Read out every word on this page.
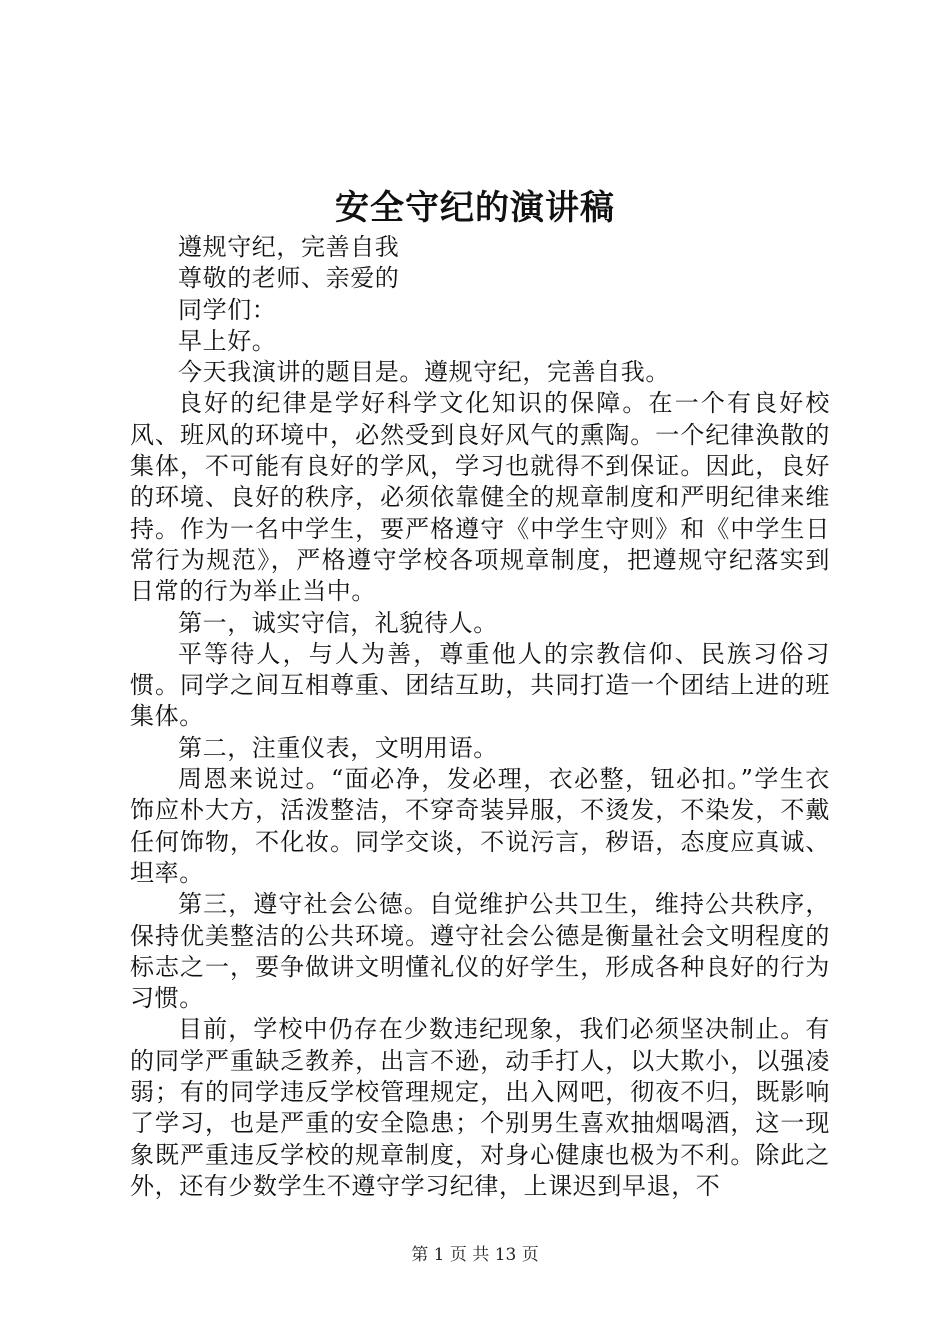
安全守纪的演讲稿

遵规守纪，完善自我

尊敬的老师、亲爱的

同学们：

早上好。

今天我演讲的题目是。遵规守纪，完善自我。

良好的纪律是学好科学文化知识的保障。在一个有良好校风、班风的环境中，必然受到良好风气的熏陶。一个纪律涣散的集体，不可能有良好的学风，学习也就得不到保证。因此，良好的环境、良好的秩序，必须依靠健全的规章制度和严明纪律来维持。作为一名中学生，要严格遵守《中学生守则》和《中学生日常行为规范》，严格遵守学校各项规章制度，把遵规守纪落实到日常的行为举止当中。

第一，诚实守信，礼貌待人。

平等待人，与人为善，尊重他人的宗教信仰、民族习俗习惯。同学之间互相尊重、团结互助，共同打造一个团结上进的班集体。

第二，注重仪表，文明用语。

周恩来说过。“面必净，发必理，衣必整，钮必扣。”学生衣饰应朴大方，活泼整洁，不穿奇装异服，不烫发，不染发，不戴任何饰物，不化妆。同学交谈，不说污言，秽语，态度应真诚、坦率。

第三，遵守社会公德。自觉维护公共卫生，维持公共秩序，保持优美整洁的公共环境。遵守社会公德是衡量社会文明程度的标志之一，要争做讲文明懂礼仪的好学生，形成各种良好的行为习惯。

目前，学校中仍存在少数违纪现象，我们必须坚决制止。有的同学严重缺乏教养，出言不逊，动手打人，以大欺小，以强凌弱；有的同学违反学校管理规定，出入网吧，彻夜不归，既影响了学习，也是严重的安全隐患；个别男生喜欢抽烟喝酒，这一现象既严重违反学校的规章制度，对身心健康也极为不利。除此之外，还有少数学生不遵守学习纪律，上课迟到早退，不

第 1 页 共 13 页
